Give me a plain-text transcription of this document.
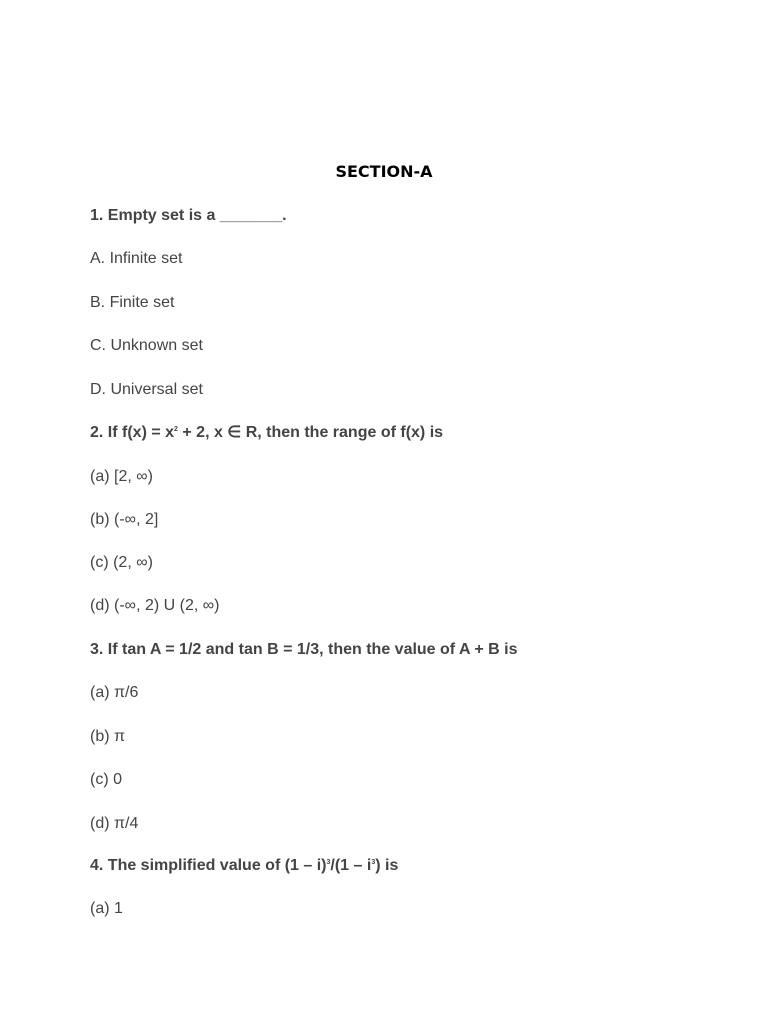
SECTION-A

1. Empty set is a _______.

A. Infinite set

B. Finite set

C. Unknown set

D. Universal set

2. If $f(x) = x^2 + 2$, x ∈ R, then the range of f(x) is

(a) [2, ∞)

(b) (-∞, 2]

(c) (2, ∞)

(d) (-∞, 2) U (2, ∞)

3. If tan A = 1/2 and tan B = 1/3, then the value of A + B is

(a) π/6

(b) π

(c) 0

(d) π/4

4. The simplified value of $(1 - i)^3/(1 - i^3)$ is

(a) 1
